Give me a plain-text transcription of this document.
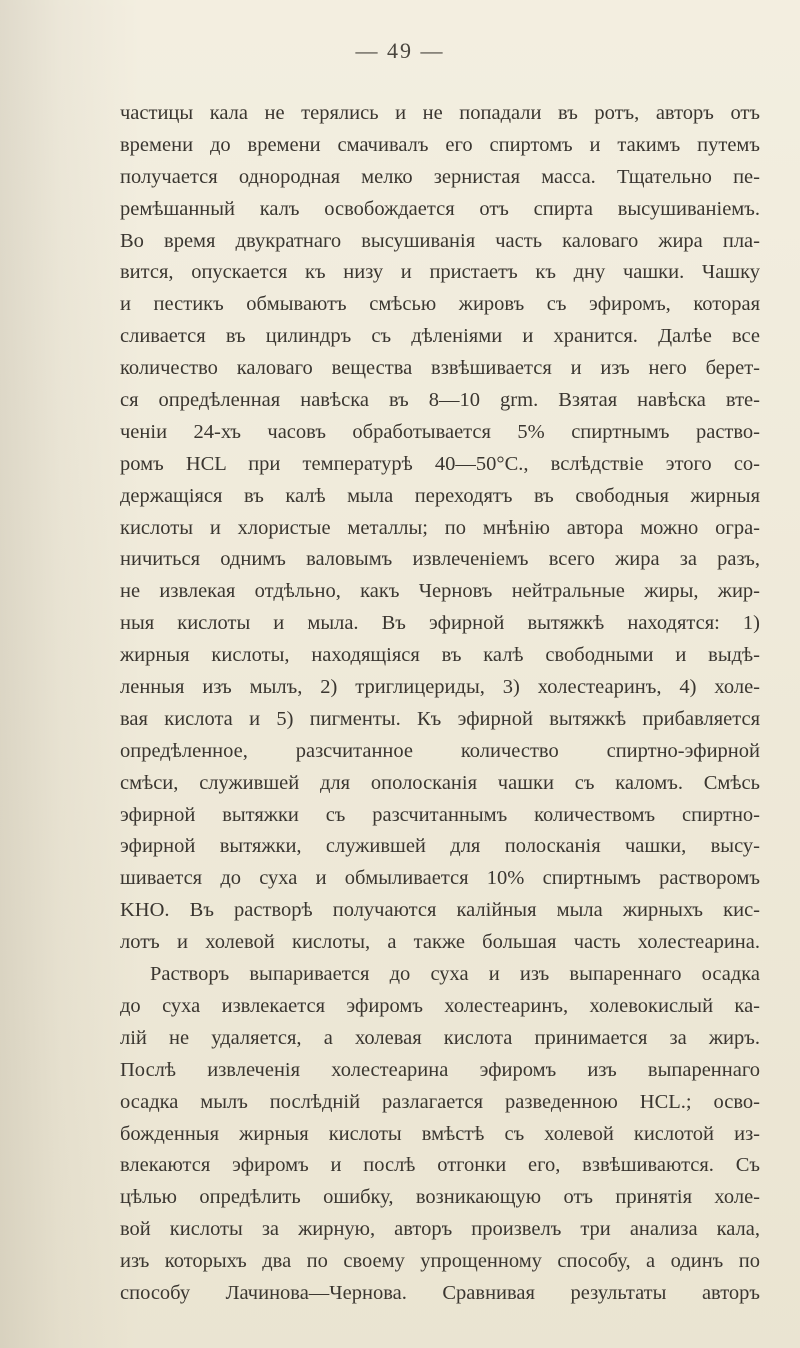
— 49 —
частицы кала не терялись и не попадали въ ротъ, авторъ отъ
времени до времени смачивалъ его спиртомъ и такимъ путемъ
получается однородная мелко зернистая масса. Тщательно пе-
ремѣшанный калъ освобождается отъ спирта высушиваніемъ.
Во время двукратнаго высушиванія часть каловаго жира пла-
вится, опускается къ низу и пристаетъ къ дну чашки. Чашку
и пестикъ обмываютъ смѣсью жировъ съ эфиромъ, которая
сливается въ цилиндръ съ дѣленіями и хранится. Далѣе все
количество каловаго вещества взвѣшивается и изъ него берет-
ся опредѣленная навѣска въ 8—10 grm. Взятая навѣска вте-
ченіи 24-хъ часовъ обработывается 5% спиртнымъ раство-
ромъ HCL при температурѣ 40—50°С., вслѣдствіе этого со-
держащіяся въ калѣ мыла переходятъ въ свободныя жирныя
кислоты и хлористые металлы; по мнѣнію автора можно огра-
ничиться однимъ валовымъ извлеченіемъ всего жира за разъ,
не извлекая отдѣльно, какъ Черновъ нейтральные жиры, жир-
ныя кислоты и мыла. Въ эфирной вытяжкѣ находятся: 1)
жирныя кислоты, находящіяся въ калѣ свободными и выдѣ-
ленныя изъ мылъ, 2) триглицериды, 3) холестеаринъ, 4) холе-
вая кислота и 5) пигменты. Къ эфирной вытяжкѣ прибавляется
опредѣленное, разсчитанное количество спиртно-эфирной
смѣси, служившей для ополосканія чашки съ каломъ. Смѣсь
эфирной вытяжки съ разсчитаннымъ количествомъ спиртно-
эфирной вытяжки, служившей для полосканія чашки, высу-
шивается до суха и обмыливается 10% спиртнымъ растворомъ
KHO. Въ растворѣ получаются калійныя мыла жирныхъ кис-
лотъ и холевой кислоты, а также большая часть холестеарина.
Растворъ выпаривается до суха и изъ выпареннаго осадка
до суха извлекается эфиромъ холестеаринъ, холевокислый ка-
лій не удаляется, а холевая кислота принимается за жиръ.
Послѣ извлеченія холестеарина эфиромъ изъ выпареннаго
осадка мылъ послѣдній разлагается разведенною HCL.; осво-
божденныя жирныя кислоты вмѣстѣ съ холевой кислотой из-
влекаются эфиромъ и послѣ отгонки его, взвѣшиваются. Съ
цѣлью опредѣлить ошибку, возникающую отъ принятія холе-
вой кислоты за жирную, авторъ произвелъ три анализа кала,
изъ которыхъ два по своему упрощенному способу, а одинъ по
способу Лачинова—Чернова. Сравнивая результаты авторъ
